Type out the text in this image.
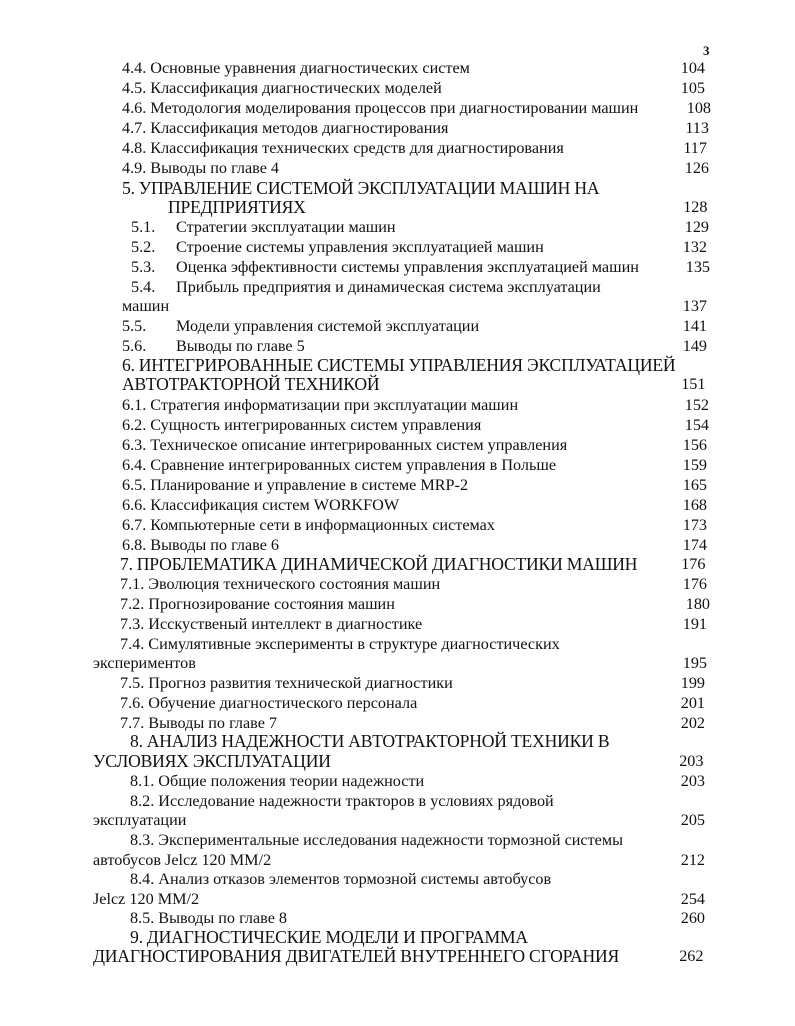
3
4.4. Основные уравнения диагностических систем	104
4.5. Классификация диагностических моделей	105
4.6. Методология моделирования процессов при диагностировании машин	108
4.7. Классификация методов диагностирования	113
4.8. Классификация технических средств для диагностирования	117
4.9. Выводы по главе 4	126
5. УПРАВЛЕНИЕ СИСТЕМОЙ ЭКСПЛУАТАЦИИ МАШИН НА
ПРЕДПРИЯТИЯХ	128
5.1. Стратегии эксплуатации машин	129
5.2. Строение системы управления эксплуатацией машин	132
5.3. Оценка эффективности системы управления эксплуатацией машин	135
5.4. Прибыль предприятия и динамическая система эксплуатации
машин	137
5.5. Модели управления системой эксплуатации	141
5.6. Выводы по главе 5	149
6. ИНТЕГРИРОВАННЫЕ СИСТЕМЫ УПРАВЛЕНИЯ ЭКСПЛУАТАЦИЕЙ
АВТОТРАКТОРНОЙ ТЕХНИКОЙ	151
6.1. Стратегия информатизации при эксплуатации машин	152
6.2. Сущность интегрированных систем управления	154
6.3. Техническое описание интегрированных систем управления	156
6.4. Сравнение интегрированных систем управления в Польше	159
6.5. Планирование и управление в системе MRP-2	165
6.6. Классификация систем WORKFOW	168
6.7. Компьютерные сети в информационных системах	173
6.8. Выводы по главе 6	174
7. ПРОБЛЕМАТИКА ДИНАМИЧЕСКОЙ ДИАГНОСТИКИ МАШИН	176
7.1. Эволюция технического состояния машин	176
7.2. Прогнозирование состояния машин	180
7.3. Исскуственый интеллект в диагностике	191
7.4. Симулятивные эксперименты в структуре диагностических
экспериментов	195
7.5. Прогноз развития технической диагностики	199
7.6. Обучение диагностического персонала	201
7.7. Выводы по главе 7	202
8. АНАЛИЗ НАДЕЖНОСТИ АВТОТРАКТОРНОЙ ТЕХНИКИ В
УСЛОВИЯХ ЭКСПЛУАТАЦИИ	203
8.1. Общие положения теории надежности	203
8.2. Исследование надежности тракторов в условиях рядовой
эксплуатации	205
8.3. Экспериментальные исследования надежности тормозной системы
автобусов Jelcz 120 MM/2	212
8.4. Анализ отказов элементов тормозной системы автобусов
Jelcz 120 MM/2	254
8.5. Выводы по главе 8	260
9. ДИАГНОСТИЧЕСКИЕ МОДЕЛИ И ПРОГРАММА
ДИАГНОСТИРОВАНИЯ ДВИГАТЕЛЕЙ ВНУТРЕННЕГО СГОРАНИЯ	262
